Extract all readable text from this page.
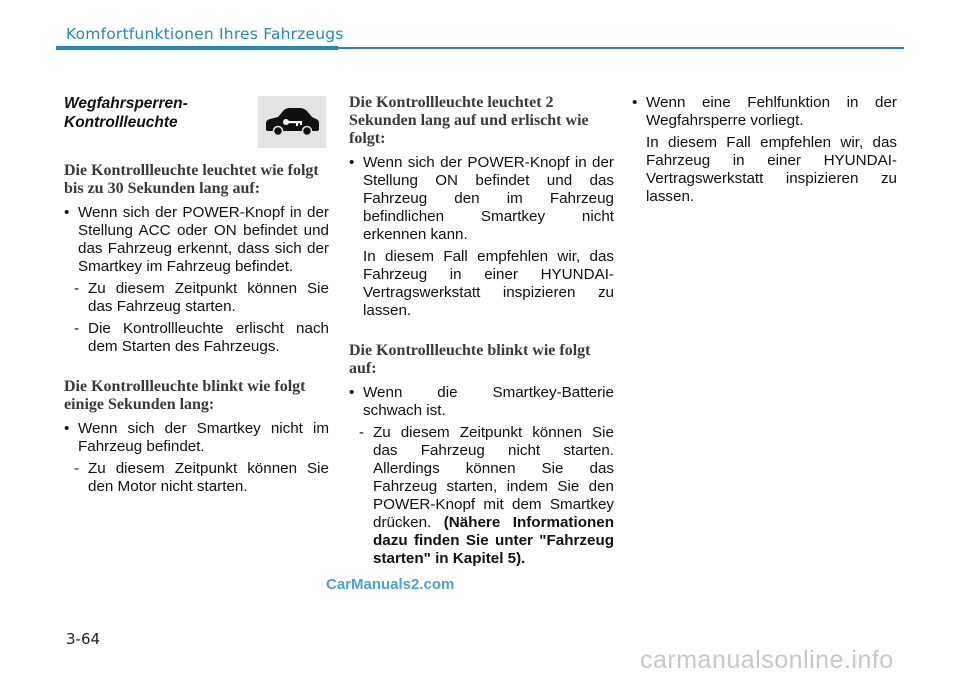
Komfortfunktionen Ihres Fahrzeugs
Wegfahrsperren-Kontrollleuchte
Die Kontrollleuchte leuchtet wie folgt bis zu 30 Sekunden lang auf:
• Wenn sich der POWER-Knopf in der Stellung ACC oder ON befindet und das Fahrzeug erkennt, dass sich der Smartkey im Fahrzeug befindet.
- Zu diesem Zeitpunkt können Sie das Fahrzeug starten.
- Die Kontrollleuchte erlischt nach dem Starten des Fahrzeugs.
Die Kontrollleuchte blinkt wie folgt einige Sekunden lang:
• Wenn sich der Smartkey nicht im Fahrzeug befindet.
- Zu diesem Zeitpunkt können Sie den Motor nicht starten.
Die Kontrollleuchte leuchtet 2 Sekunden lang auf und erlischt wie folgt:
• Wenn sich der POWER-Knopf in der Stellung ON befindet und das Fahrzeug den im Fahrzeug befindlichen Smartkey nicht erkennen kann.
In diesem Fall empfehlen wir, das Fahrzeug in einer HYUNDAI-Vertragswerkstatt inspizieren zu lassen.
Die Kontrollleuchte blinkt wie folgt auf:
• Wenn die Smartkey-Batterie schwach ist.
- Zu diesem Zeitpunkt können Sie das Fahrzeug nicht starten. Allerdings können Sie das Fahrzeug starten, indem Sie den POWER-Knopf mit dem Smartkey drücken. (Nähere Informationen dazu finden Sie unter "Fahrzeug starten" in Kapitel 5).
• Wenn eine Fehlfunktion in der Wegfahrsperre vorliegt.
In diesem Fall empfehlen wir, das Fahrzeug in einer HYUNDAI-Vertragswerkstatt inspizieren zu lassen.
CarManuals2.com
3-64
carmanualsonline.info
